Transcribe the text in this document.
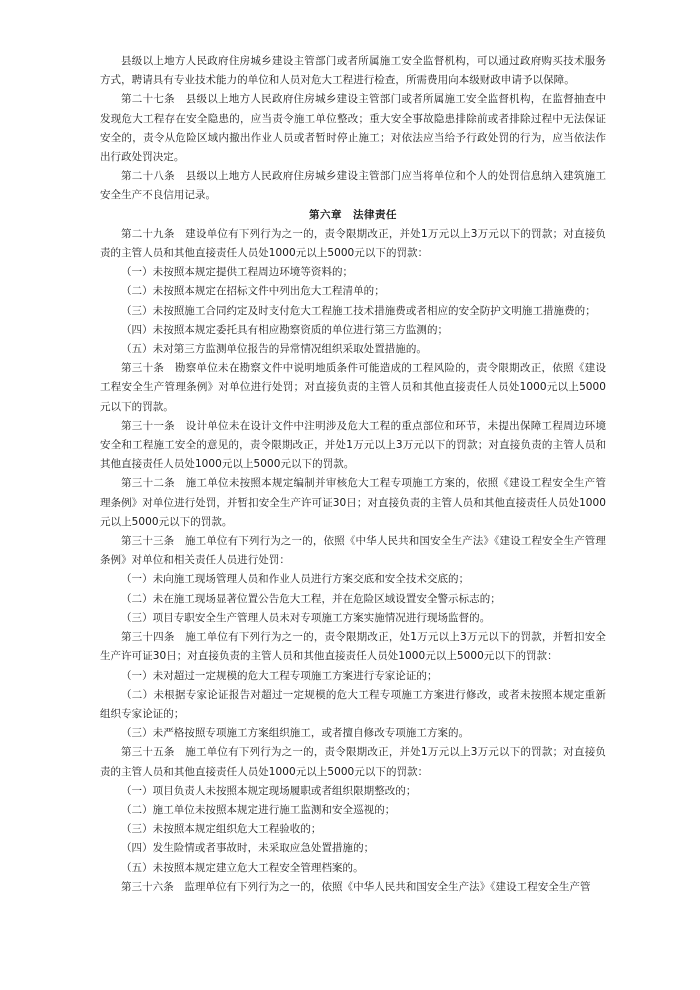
县级以上地方人民政府住房城乡建设主管部门或者所属施工安全监督机构，可以通过政府购买技术服务方式，聘请具有专业技术能力的单位和人员对危大工程进行检查，所需费用向本级财政申请予以保障。

第二十七条　县级以上地方人民政府住房城乡建设主管部门或者所属施工安全监督机构，在监督抽查中发现危大工程存在安全隐患的，应当责令施工单位整改；重大安全事故隐患排除前或者排除过程中无法保证安全的，责令从危险区域内撤出作业人员或者暂时停止施工；对依法应当给予行政处罚的行为，应当依法作出行政处罚决定。

第二十八条　县级以上地方人民政府住房城乡建设主管部门应当将单位和个人的处罚信息纳入建筑施工安全生产不良信用记录。

第六章　法律责任

第二十九条　建设单位有下列行为之一的，责令限期改正，并处1万元以上3万元以下的罚款；对直接负责的主管人员和其他直接责任人员处1000元以上5000元以下的罚款：

（一）未按照本规定提供工程周边环境等资料的；

（二）未按照本规定在招标文件中列出危大工程清单的；

（三）未按照施工合同约定及时支付危大工程施工技术措施费或者相应的安全防护文明施工措施费的；

（四）未按照本规定委托具有相应勘察资质的单位进行第三方监测的；

（五）未对第三方监测单位报告的异常情况组织采取处置措施的。

第三十条　勘察单位未在勘察文件中说明地质条件可能造成的工程风险的，责令限期改正，依照《建设工程安全生产管理条例》对单位进行处罚；对直接负责的主管人员和其他直接责任人员处1000元以上5000元以下的罚款。

第三十一条　设计单位未在设计文件中注明涉及危大工程的重点部位和环节，未提出保障工程周边环境安全和工程施工安全的意见的，责令限期改正，并处1万元以上3万元以下的罚款；对直接负责的主管人员和其他直接责任人员处1000元以上5000元以下的罚款。

第三十二条　施工单位未按照本规定编制并审核危大工程专项施工方案的，依照《建设工程安全生产管理条例》对单位进行处罚，并暂扣安全生产许可证30日；对直接负责的主管人员和其他直接责任人员处1000元以上5000元以下的罚款。

第三十三条　施工单位有下列行为之一的，依照《中华人民共和国安全生产法》《建设工程安全生产管理条例》对单位和相关责任人员进行处罚：

（一）未向施工现场管理人员和作业人员进行方案交底和安全技术交底的；

（二）未在施工现场显著位置公告危大工程，并在危险区域设置安全警示标志的；

（三）项目专职安全生产管理人员未对专项施工方案实施情况进行现场监督的。

第三十四条　施工单位有下列行为之一的，责令限期改正，处1万元以上3万元以下的罚款，并暂扣安全生产许可证30日；对直接负责的主管人员和其他直接责任人员处1000元以上5000元以下的罚款：

（一）未对超过一定规模的危大工程专项施工方案进行专家论证的；

（二）未根据专家论证报告对超过一定规模的危大工程专项施工方案进行修改，或者未按照本规定重新组织专家论证的；

（三）未严格按照专项施工方案组织施工，或者擅自修改专项施工方案的。

第三十五条　施工单位有下列行为之一的，责令限期改正，并处1万元以上3万元以下的罚款；对直接负责的主管人员和其他直接责任人员处1000元以上5000元以下的罚款：

（一）项目负责人未按照本规定现场履职或者组织限期整改的；

（二）施工单位未按照本规定进行施工监测和安全巡视的；

（三）未按照本规定组织危大工程验收的；

（四）发生险情或者事故时，未采取应急处置措施的；

（五）未按照本规定建立危大工程安全管理档案的。

第三十六条　监理单位有下列行为之一的，依照《中华人民共和国安全生产法》《建设工程安全生产管
